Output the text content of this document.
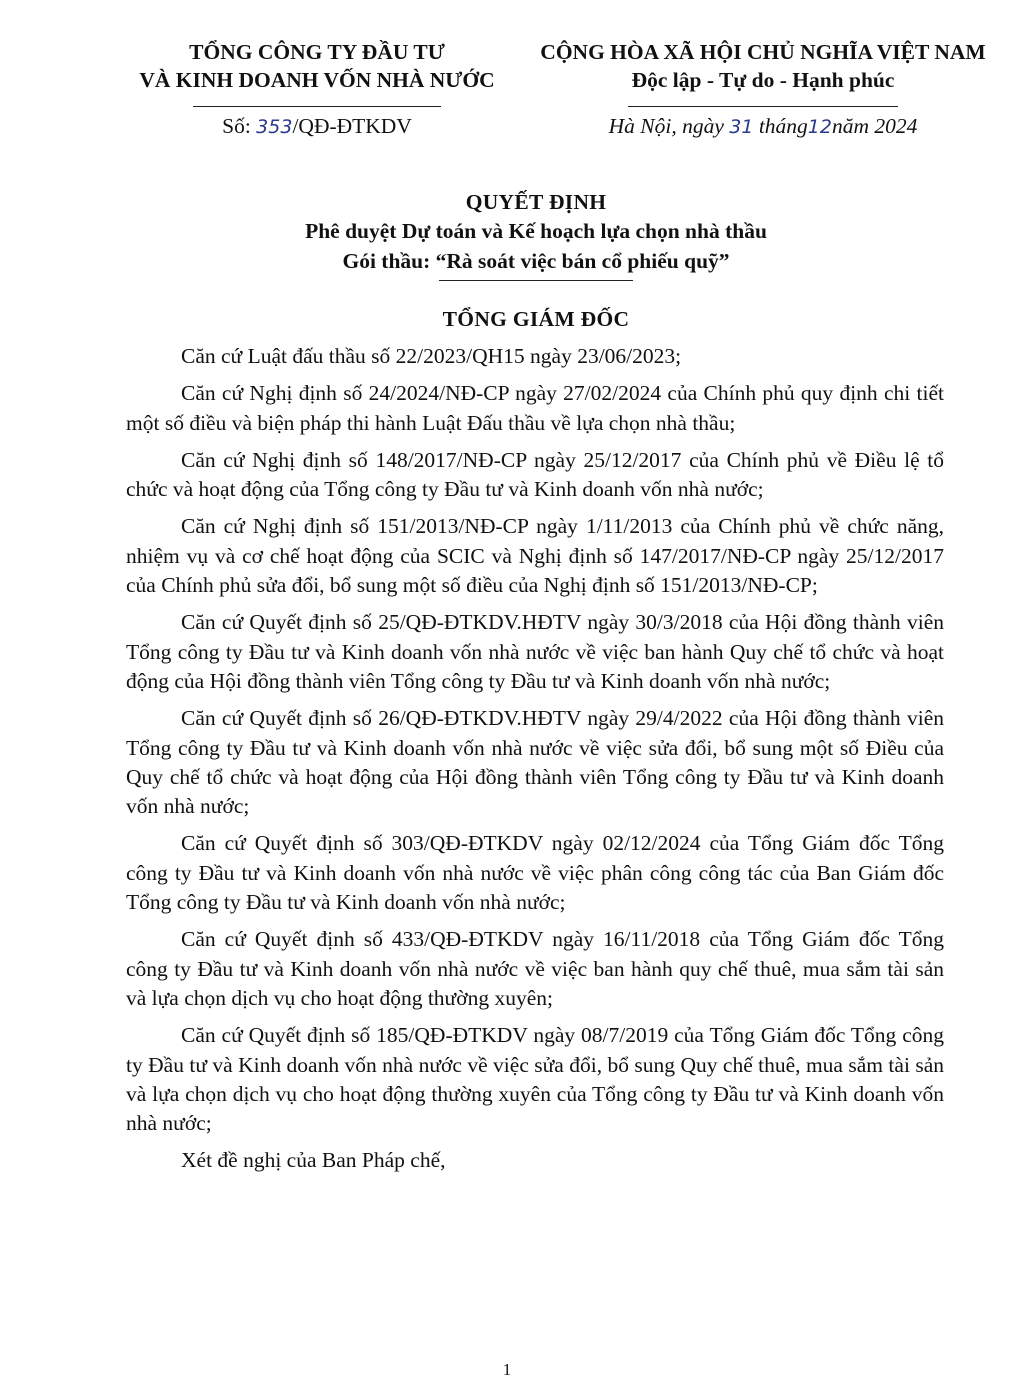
TỔNG CÔNG TY ĐẦU TƯ
VÀ KINH DOANH VỐN NHÀ NƯỚC
CỘNG HÒA XÃ HỘI CHỦ NGHĨA VIỆT NAM
Độc lập - Tự do - Hạnh phúc
Số: 353/QĐ-ĐTKDV	Hà Nội, ngày 31 tháng12năm 2024
QUYẾT ĐỊNH
Phê duyệt Dự toán và Kế hoạch lựa chọn nhà thầu
Gói thầu: “Rà soát việc bán cổ phiếu quỹ”
TỔNG GIÁM ĐỐC

Căn cứ Luật đấu thầu số 22/2023/QH15 ngày 23/06/2023;

Căn cứ Nghị định số 24/2024/NĐ-CP ngày 27/02/2024 của Chính phủ quy định chi tiết một số điều và biện pháp thi hành Luật Đấu thầu về lựa chọn nhà thầu;

Căn cứ Nghị định số 148/2017/NĐ-CP ngày 25/12/2017 của Chính phủ về Điều lệ tổ chức và hoạt động của Tổng công ty Đầu tư và Kinh doanh vốn nhà nước;

Căn cứ Nghị định số 151/2013/NĐ-CP ngày 1/11/2013 của Chính phủ về chức năng, nhiệm vụ và cơ chế hoạt động của SCIC và Nghị định số 147/2017/NĐ-CP ngày 25/12/2017 của Chính phủ sửa đổi, bổ sung một số điều của Nghị định số 151/2013/NĐ-CP;

Căn cứ Quyết định số 25/QĐ-ĐTKDV.HĐTV ngày 30/3/2018 của Hội đồng thành viên Tổng công ty Đầu tư và Kinh doanh vốn nhà nước về việc ban hành Quy chế tổ chức và hoạt động của Hội đồng thành viên Tổng công ty Đầu tư và Kinh doanh vốn nhà nước;

Căn cứ Quyết định số 26/QĐ-ĐTKDV.HĐTV ngày 29/4/2022 của Hội đồng thành viên Tổng công ty Đầu tư và Kinh doanh vốn nhà nước về việc sửa đổi, bổ sung một số Điều của Quy chế tổ chức và hoạt động của Hội đồng thành viên Tổng công ty Đầu tư và Kinh doanh vốn nhà nước;

Căn cứ Quyết định số 303/QĐ-ĐTKDV ngày 02/12/2024 của Tổng Giám đốc Tổng công ty Đầu tư và Kinh doanh vốn nhà nước về việc phân công công tác của Ban Giám đốc Tổng công ty Đầu tư và Kinh doanh vốn nhà nước;

Căn cứ Quyết định số 433/QĐ-ĐTKDV ngày 16/11/2018 của Tổng Giám đốc Tổng công ty Đầu tư và Kinh doanh vốn nhà nước về việc ban hành quy chế thuê, mua sắm tài sản và lựa chọn dịch vụ cho hoạt động thường xuyên;

Căn cứ Quyết định số 185/QĐ-ĐTKDV ngày 08/7/2019 của Tổng Giám đốc Tổng công ty Đầu tư và Kinh doanh vốn nhà nước về việc sửa đổi, bổ sung Quy chế thuê, mua sắm tài sản và lựa chọn dịch vụ cho hoạt động thường xuyên của Tổng công ty Đầu tư và Kinh doanh vốn nhà nước;

Xét đề nghị của Ban Pháp chế,

1
